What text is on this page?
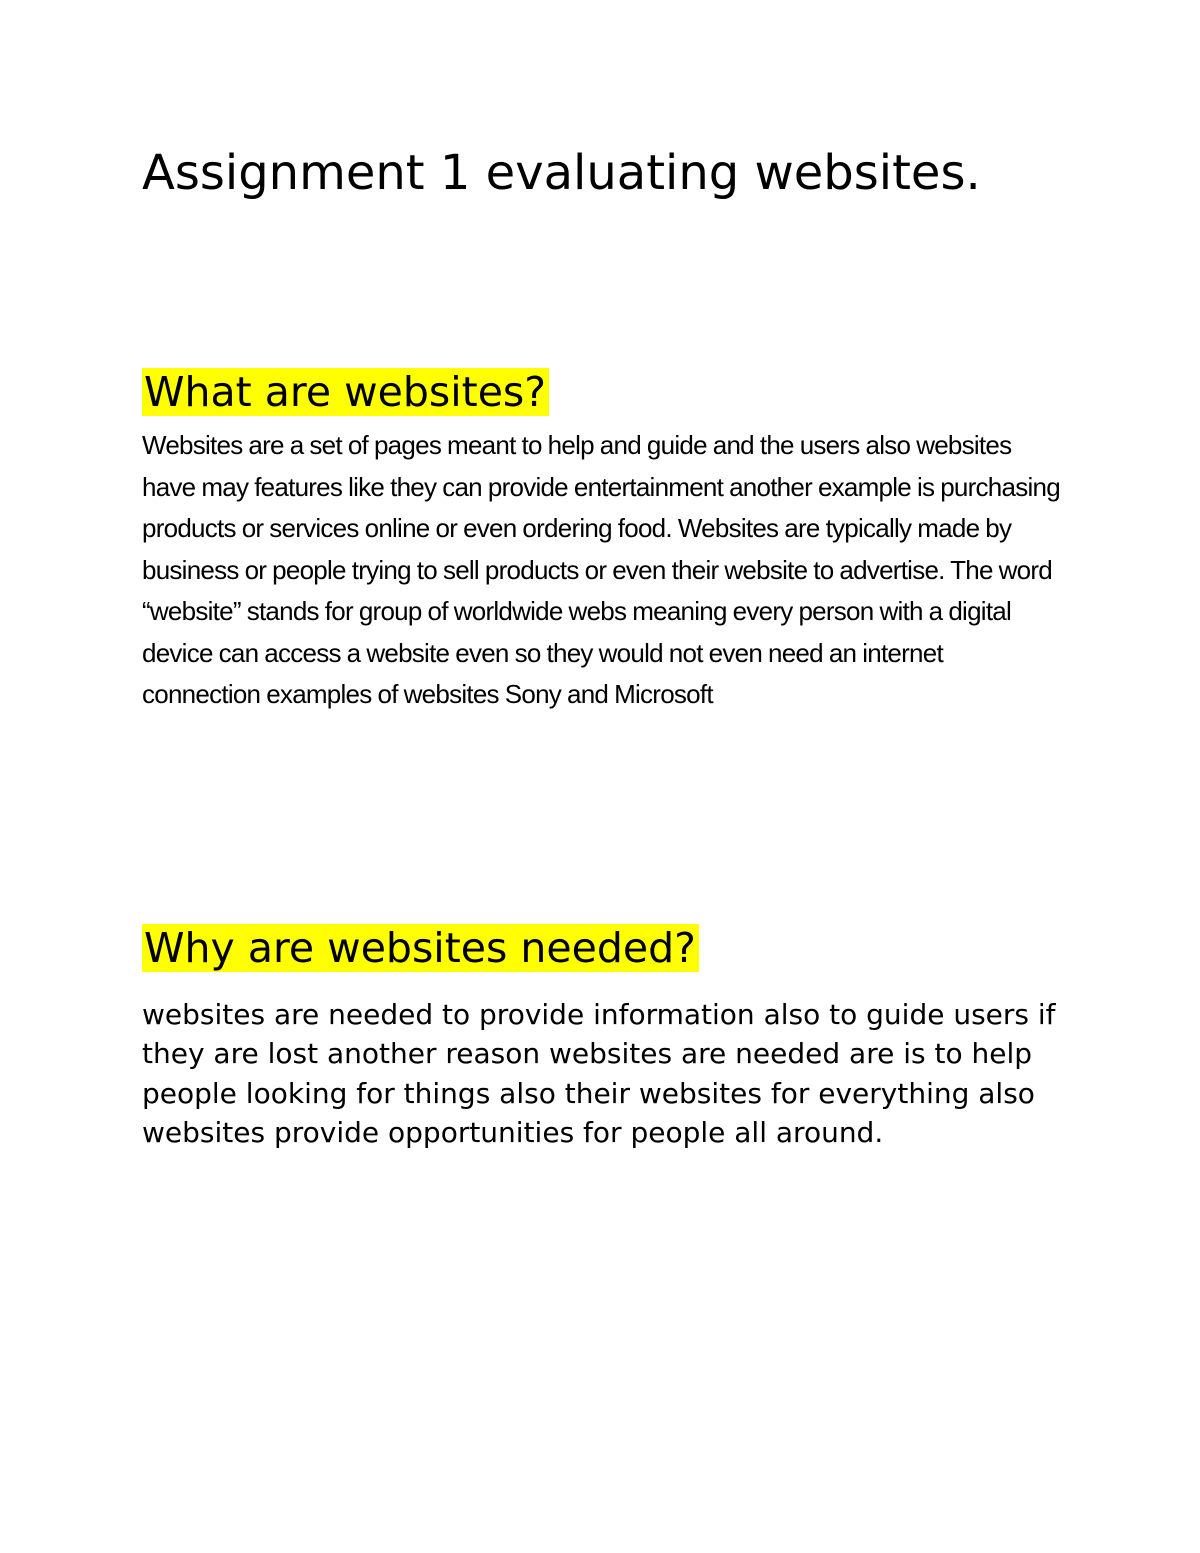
Assignment 1 evaluating websites.
What are websites?

Websites are a set of pages meant to help and guide and the users also websites have may features like they can provide entertainment another example is purchasing products or services online or even ordering food. Websites are typically made by business or people trying to sell products or even their website to advertise. The word “website” stands for group of worldwide webs meaning every person with a digital device can access a website even so they would not even need an internet connection examples of websites Sony and Microsoft

Why are websites needed?

websites are needed to provide information also to guide users if they are lost another reason websites are needed are is to help people looking for things also their websites for everything also websites provide opportunities for people all around.
